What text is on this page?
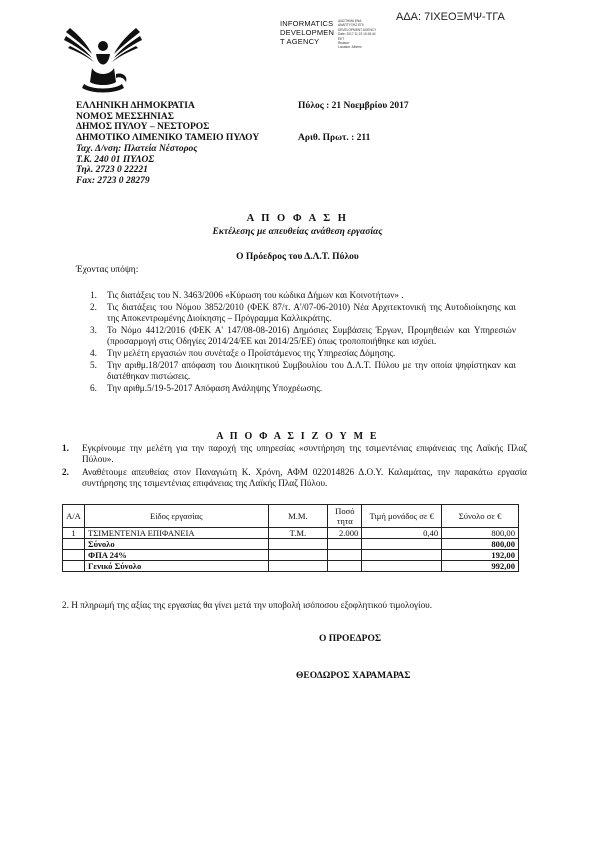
ΑΔΑ: 7ΙΧΕΟΞΜΨ-ΤΓΑ
INFORMATICS
DEVELOPMEN
T AGENCY
ΔΙΑΣΤΗΜΑ ΕΝΑ
ΑΝΑΠΤΥΞΗΣ ΕΠΙ
DEVELOPMENT AGENCY
Date: 2017.11.23 10:18:44
EET
Reason:
Location: Athens
ΕΛΛΗΝΙΚΗ ΔΗΜΟΚΡΑΤΙΑ
ΝΟΜΟΣ ΜΕΣΣΗΝΙΑΣ
ΔΗΜΟΣ ΠΥΛΟΥ – ΝΕΣΤΟΡΟΣ
ΔΗΜΟΤΙΚΟ ΛΙΜΕΝΙΚΟ ΤΑΜΕΙΟ ΠΥΛΟΥ
Ταχ. Δ/νση: Πλατεία Νέστορος
Τ.Κ. 240 01 ΠΥΛΟΣ
Τηλ. 2723 0 22221
Fax: 2723 0 28279
Πύλος : 21 Νοεμβρίου 2017
Αριθ. Πρωτ. : 211
Α Π Ο Φ Α Σ Η
Εκτέλεσης με απευθείας ανάθεση εργασίας
Ο Πρόεδρος του Δ.Λ.Τ. Πύλου
Έχοντας υπόψη:
1. Τις διατάξεις του Ν. 3463/2006 «Κύρωση του κώδικα Δήμων και Κοινοτήτων» .
2. Τις διατάξεις του Νόμου 3852/2010 (ΦΕΚ 87/τ. Α'/07-06-2010) Νέα Αρχιτεκτονική της Αυτοδιοίκησης και της Αποκεντρωμένης Διοίκησης – Πρόγραμμα Καλλικράτης.
3. Το Νόμο 4412/2016 (ΦΕΚ Α' 147/08-08-2016) Δημόσιες Συμβάσεις Έργων, Προμηθειών και Υπηρεσιών (προσαρμογή στις Οδηγίες 2014/24/ΕΕ και 2014/25/ΕΕ) όπως τροποποιήθηκε και ισχύει.
4. Την μελέτη εργασιών που συνέταξε ο Προϊστάμενος της Υπηρεσίας Δόμησης.
5. Την αριθμ.18/2017 απόφαση του Διοικητικού Συμβουλίου του Δ.Λ.Τ. Πύλου με την οποία ψηφίστηκαν και διατέθηκαν πιστώσεις.
6. Την αριθμ.5/19-5-2017 Απόφαση Ανάληψης Υποχρέωσης.
Α Π Ο Φ Α Σ Ι Ζ Ο Υ Μ Ε
1. Εγκρίνουμε την μελέτη για την παροχή της υπηρεσίας «συντήρηση της τσιμεντένιας επιφάνειας της Λαϊκής Πλαζ Πύλου».
2. Αναθέτουμε απευθείας στον Παναγιώτη Κ. Χρόνη, ΑΦΜ 022014826 Δ.Ο.Υ. Καλαμάτας, την παρακάτω εργασία συντήρησης της τσιμεντένιας επιφάνειας της Λαϊκής Πλαζ Πύλου.
Α/Α	Είδος εργασίας	Μ.Μ.	Ποσό τητα	Τιμή μονάδος σε €	Σύνολο σε €
1	ΤΣΙΜΕΝΤΕΝΙΑ ΕΠΙΦΑΝΕΙΑ	Τ.Μ.	2.000	0,40	800,00
	Σύνολο				800,00
	ΦΠΑ 24%				192,00
	Γενικό Σύνολο				992,00
2. Η πληρωμή της αξίας της εργασίας θα γίνει μετά την υποβολή ισόποσου εξοφλητικού τιμολογίου.
Ο ΠΡΟΕΔΡΟΣ
ΘΕΟΔΩΡΟΣ ΧΑΡΑΜΑΡΑΣ
